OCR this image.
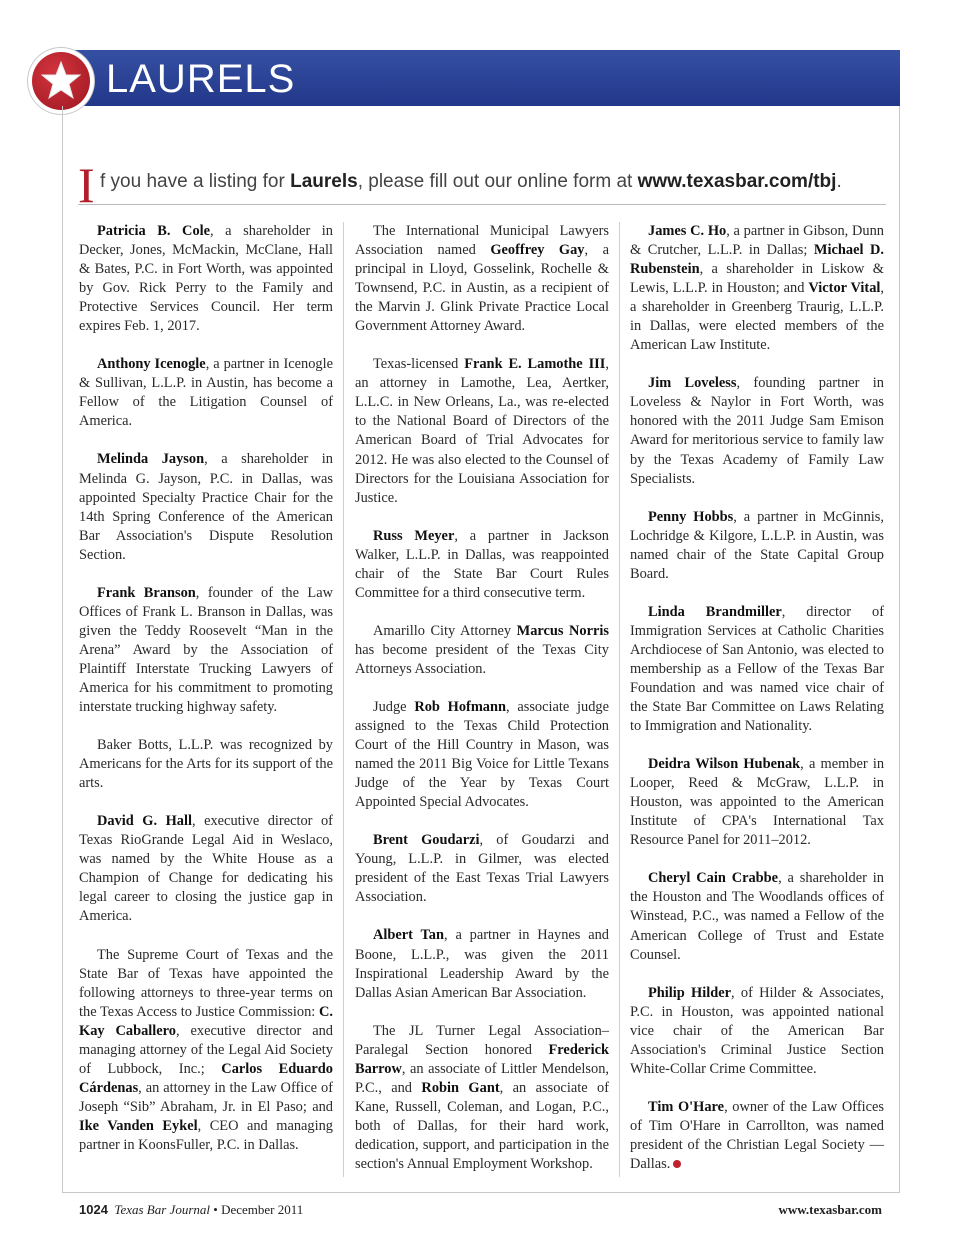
LAURELS
I f you have a listing for Laurels, please fill out our online form at www.texasbar.com/tbj.

Patricia B. Cole, a shareholder in Decker, Jones, McMackin, McClane, Hall & Bates, P.C. in Fort Worth, was appointed by Gov. Rick Perry to the Family and Protective Services Council. Her term expires Feb. 1, 2017.

Anthony Icenogle, a partner in Icenogle & Sullivan, L.L.P. in Austin, has become a Fellow of the Litigation Counsel of America.

Melinda Jayson, a shareholder in Melinda G. Jayson, P.C. in Dallas, was appointed Specialty Practice Chair for the 14th Spring Conference of the American Bar Association's Dispute Resolution Section.

Frank Branson, founder of the Law Offices of Frank L. Branson in Dallas, was given the Teddy Roosevelt “Man in the Arena” Award by the Association of Plaintiff Interstate Trucking Lawyers of America for his commitment to promoting interstate trucking highway safety.

Baker Botts, L.L.P. was recognized by Americans for the Arts for its support of the arts.

David G. Hall, executive director of Texas RioGrande Legal Aid in Weslaco, was named by the White House as a Champion of Change for dedicating his legal career to closing the justice gap in America.

The Supreme Court of Texas and the State Bar of Texas have appointed the following attorneys to three-year terms on the Texas Access to Justice Commission: C. Kay Caballero, executive director and managing attorney of the Legal Aid Society of Lubbock, Inc.; Carlos Eduardo Cárdenas, an attorney in the Law Office of Joseph “Sib” Abraham, Jr. in El Paso; and Ike Vanden Eykel, CEO and managing partner in KoonsFuller, P.C. in Dallas.

The International Municipal Lawyers Association named Geoffrey Gay, a principal in Lloyd, Gosselink, Rochelle & Townsend, P.C. in Austin, as a recipient of the Marvin J. Glink Private Practice Local Government Attorney Award.

Texas-licensed Frank E. Lamothe III, an attorney in Lamothe, Lea, Aertker, L.L.C. in New Orleans, La., was re-elected to the National Board of Directors of the American Board of Trial Advocates for 2012. He was also elected to the Counsel of Directors for the Louisiana Association for Justice.

Russ Meyer, a partner in Jackson Walker, L.L.P. in Dallas, was reappointed chair of the State Bar Court Rules Committee for a third consecutive term.

Amarillo City Attorney Marcus Norris has become president of the Texas City Attorneys Association.

Judge Rob Hofmann, associate judge assigned to the Texas Child Protection Court of the Hill Country in Mason, was named the 2011 Big Voice for Little Texans Judge of the Year by Texas Court Appointed Special Advocates.

Brent Goudarzi, of Goudarzi and Young, L.L.P. in Gilmer, was elected president of the East Texas Trial Lawyers Association.

Albert Tan, a partner in Haynes and Boone, L.L.P., was given the 2011 Inspirational Leadership Award by the Dallas Asian American Bar Association.

The JL Turner Legal Association–Paralegal Section honored Frederick Barrow, an associate of Littler Mendelson, P.C., and Robin Gant, an associate of Kane, Russell, Coleman, and Logan, P.C., both of Dallas, for their hard work, dedication, support, and participation in the section's Annual Employment Workshop.

James C. Ho, a partner in Gibson, Dunn & Crutcher, L.L.P. in Dallas; Michael D. Rubenstein, a shareholder in Liskow & Lewis, L.L.P. in Houston; and Victor Vital, a shareholder in Greenberg Traurig, L.L.P. in Dallas, were elected members of the American Law Institute.

Jim Loveless, founding partner in Loveless & Naylor in Fort Worth, was honored with the 2011 Judge Sam Emison Award for meritorious service to family law by the Texas Academy of Family Law Specialists.

Penny Hobbs, a partner in McGinnis, Lochridge & Kilgore, L.L.P. in Austin, was named chair of the State Capital Group Board.

Linda Brandmiller, director of Immigration Services at Catholic Charities Archdiocese of San Antonio, was elected to membership as a Fellow of the Texas Bar Foundation and was named vice chair of the State Bar Committee on Laws Relating to Immigration and Nationality.

Deidra Wilson Hubenak, a member in Looper, Reed & McGraw, L.L.P. in Houston, was appointed to the American Institute of CPA's International Tax Resource Panel for 2011–2012.

Cheryl Cain Crabbe, a shareholder in the Houston and The Woodlands offices of Winstead, P.C., was named a Fellow of the American College of Trust and Estate Counsel.

Philip Hilder, of Hilder & Associates, P.C. in Houston, was appointed national vice chair of the American Bar Association's Criminal Justice Section White-Collar Crime Committee.

Tim O'Hare, owner of the Law Offices of Tim O'Hare in Carrollton, was named president of the Christian Legal Society — Dallas.

1024 Texas Bar Journal • December 2011	www.texasbar.com
